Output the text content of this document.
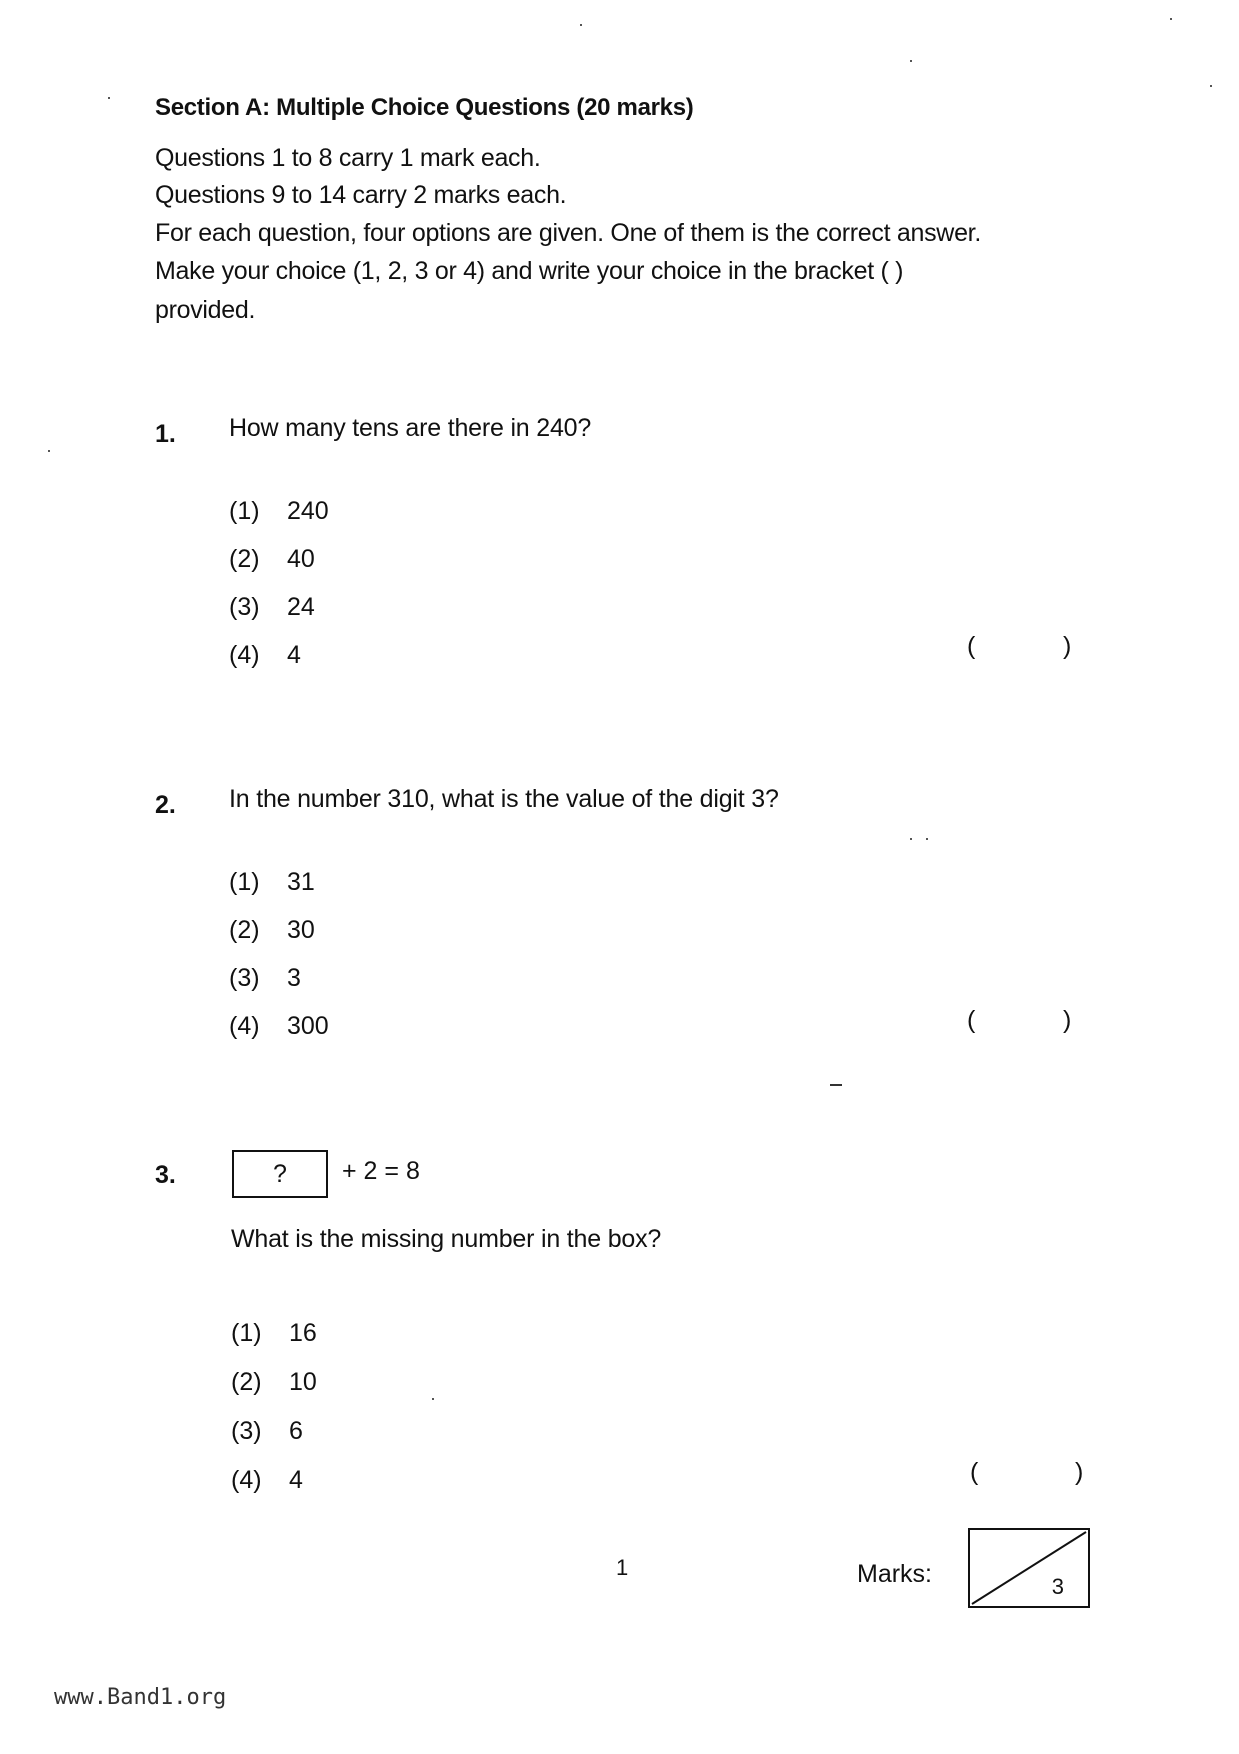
Section A: Multiple Choice Questions (20 marks)
Questions 1 to 8 carry 1 mark each.
Questions 9 to 14 carry 2 marks each.
For each question, four options are given. One of them is the correct answer.
Make your choice (1, 2, 3 or 4) and write your choice in the bracket ( )
provided.
1. How many tens are there in 240?
(1) 240
(2) 40
(3) 24
(4) 4	(	)
2. In the number 310, what is the value of the digit 3?
(1) 31
(2) 30
(3) 3
(4) 300	(	)
3.	?	+ 2 = 8
What is the missing number in the box?
(1) 16
(2) 10
(3) 6
(4) 4	(	)
1	Marks:	3
www.Band1.org
